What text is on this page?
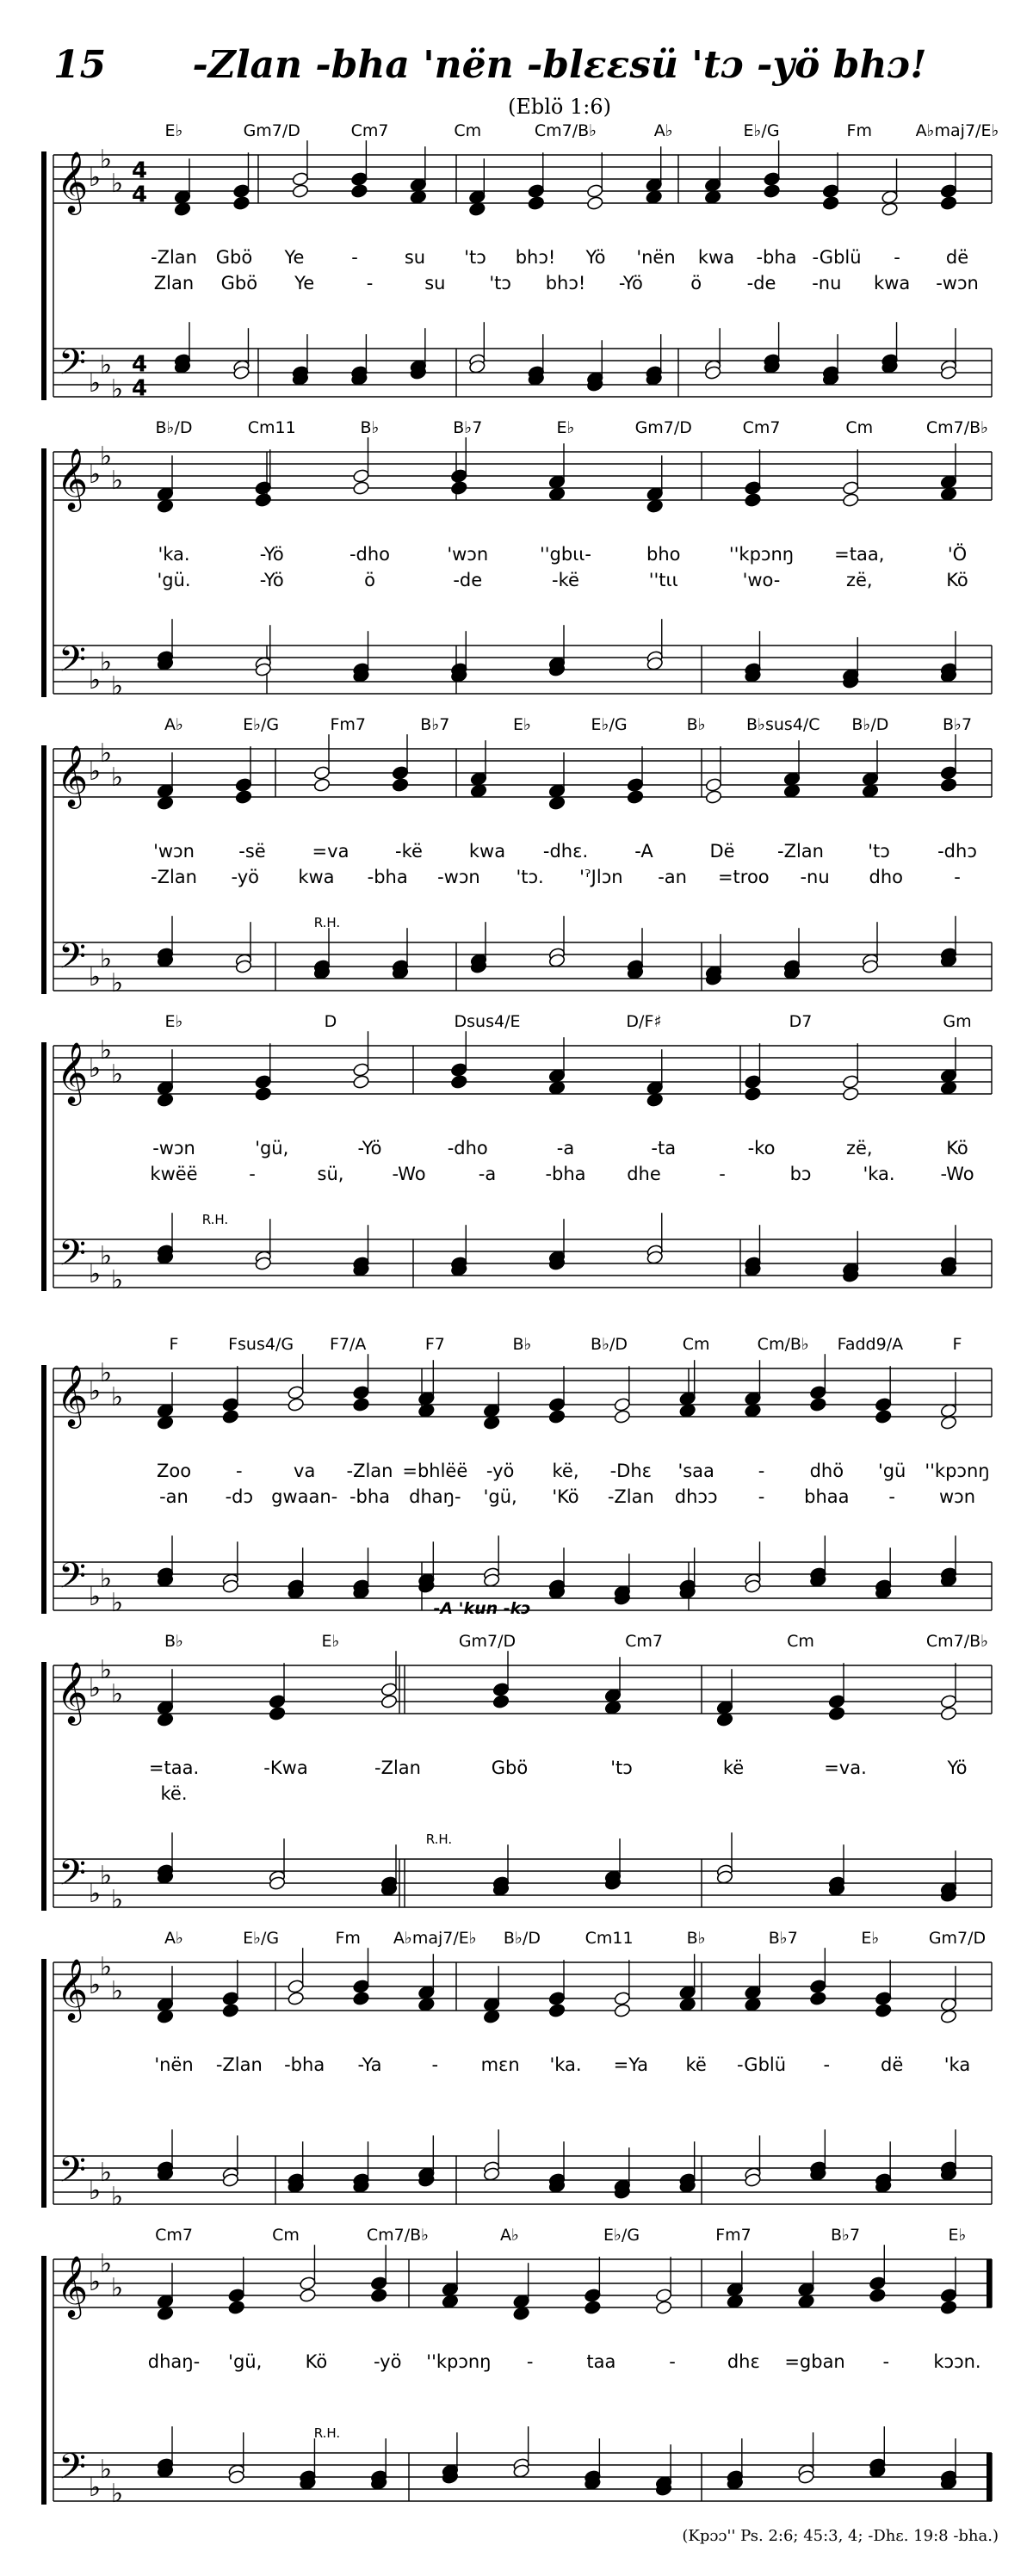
15	-Zlan -bha 'nën -blɛɛsü 'tɔ -yö bhɔ!
(Eblö 1:6)
𝄞
𝄢
♭
♭
♭
♭
♭
♭
4
4
4
4
E♭	Gm7/D	Cm7	Cm	Cm7/B♭	A♭	E♭/G	Fm	A♭maj7/E♭
-Zlan Gbö Ye	-	su 'tɔ bhɔ! Yö 'nën kwa -bha -Gblü -	dë
Zlan Gbö Ye	-	su 'tɔ bhɔ! -Yö	ö -de -nu kwa -wɔn
𝄞
𝄢
♭
♭
♭
♭
♭
♭
B♭/D	Cm11	B♭	B♭7	E♭	Gm7/D	Cm7	Cm	Cm7/B♭
'ka.	-Yö	-dho	'wɔn	''gbɩɩ-	bho	''kpɔnŋ =taa,	'Ö
'gü.	-Yö	ö	-de	-kë	''tɩɩ	'wo-	zë,	Kö
𝄞
𝄢
♭
♭
♭
♭
♭
♭
A♭	E♭/G	Fm7	B♭7	E♭	E♭/G	B♭ B♭sus4/C B♭/D	B♭7
'wɔn -së	=va	-kë	kwa -dhɛ.	-A	Dë -Zlan 'tɔ	-dhɔ
-Zlan -yö kwa -bha -wɔn 'tɔ. 'ˀJlɔn -an =troo -nu dho	-
R.H.
𝄞
𝄢
♭
♭
♭
♭
♭
♭
E♭	D	Dsus4/E	D/F♯	D7	Gm
-wɔn	'gü,	-Yö	-dho	-a	-ta	-ko	zë,	Kö
kwëë	-	sü,	-Wo	-a	-bha dhe	-	bɔ	'ka.	-Wo
R.H.
𝄞
𝄢
♭
♭
♭
♭
♭
♭
F	Fsus4/G F7/A	F7	B♭	B♭/D	Cm	Cm/B♭ Fadd9/A	F
Zoo -	va -Zlan =bhlëë -yö kë, -Dhɛ 'saa - dhö 'gü ''kpɔnŋ
-an -dɔ gwaan- -bha dhaŋ- 'gü, 'Kö -Zlan dhɔɔ - bhaa - wɔn
𝄞
𝄢
♭
♭
♭
♭
♭
♭
B♭	E♭	Gm7/D	Cm7	Cm	Cm7/B♭
=taa.	-Kwa	-Zlan	Gbö	'tɔ	kë	=va.	Yö
kë.
R.H.
-A 'kun -kɔ
𝄞
𝄢
♭
♭
♭
♭
♭
♭
A♭	E♭/G	Fm A♭maj7/E♭ B♭/D	Cm11	B♭	B♭7	E♭	Gm7/D
'nën -Zlan -bha -Ya	- mɛn 'ka. =Ya kë -Gblü -	dë 'ka
𝄞
𝄢
♭
♭
♭
♭
♭
♭
Cm7	Cm	Cm7/B♭	A♭	E♭/G	Fm7	B♭7	E♭
dhaŋ- 'gü, Kö	-yö ''kpɔnŋ -	taa	-	dhɛ =gban - kɔɔn.
R.H.
(Kpɔɔ'' Ps. 2:6; 45:3, 4; -Dhɛ. 19:8 -bha.)
